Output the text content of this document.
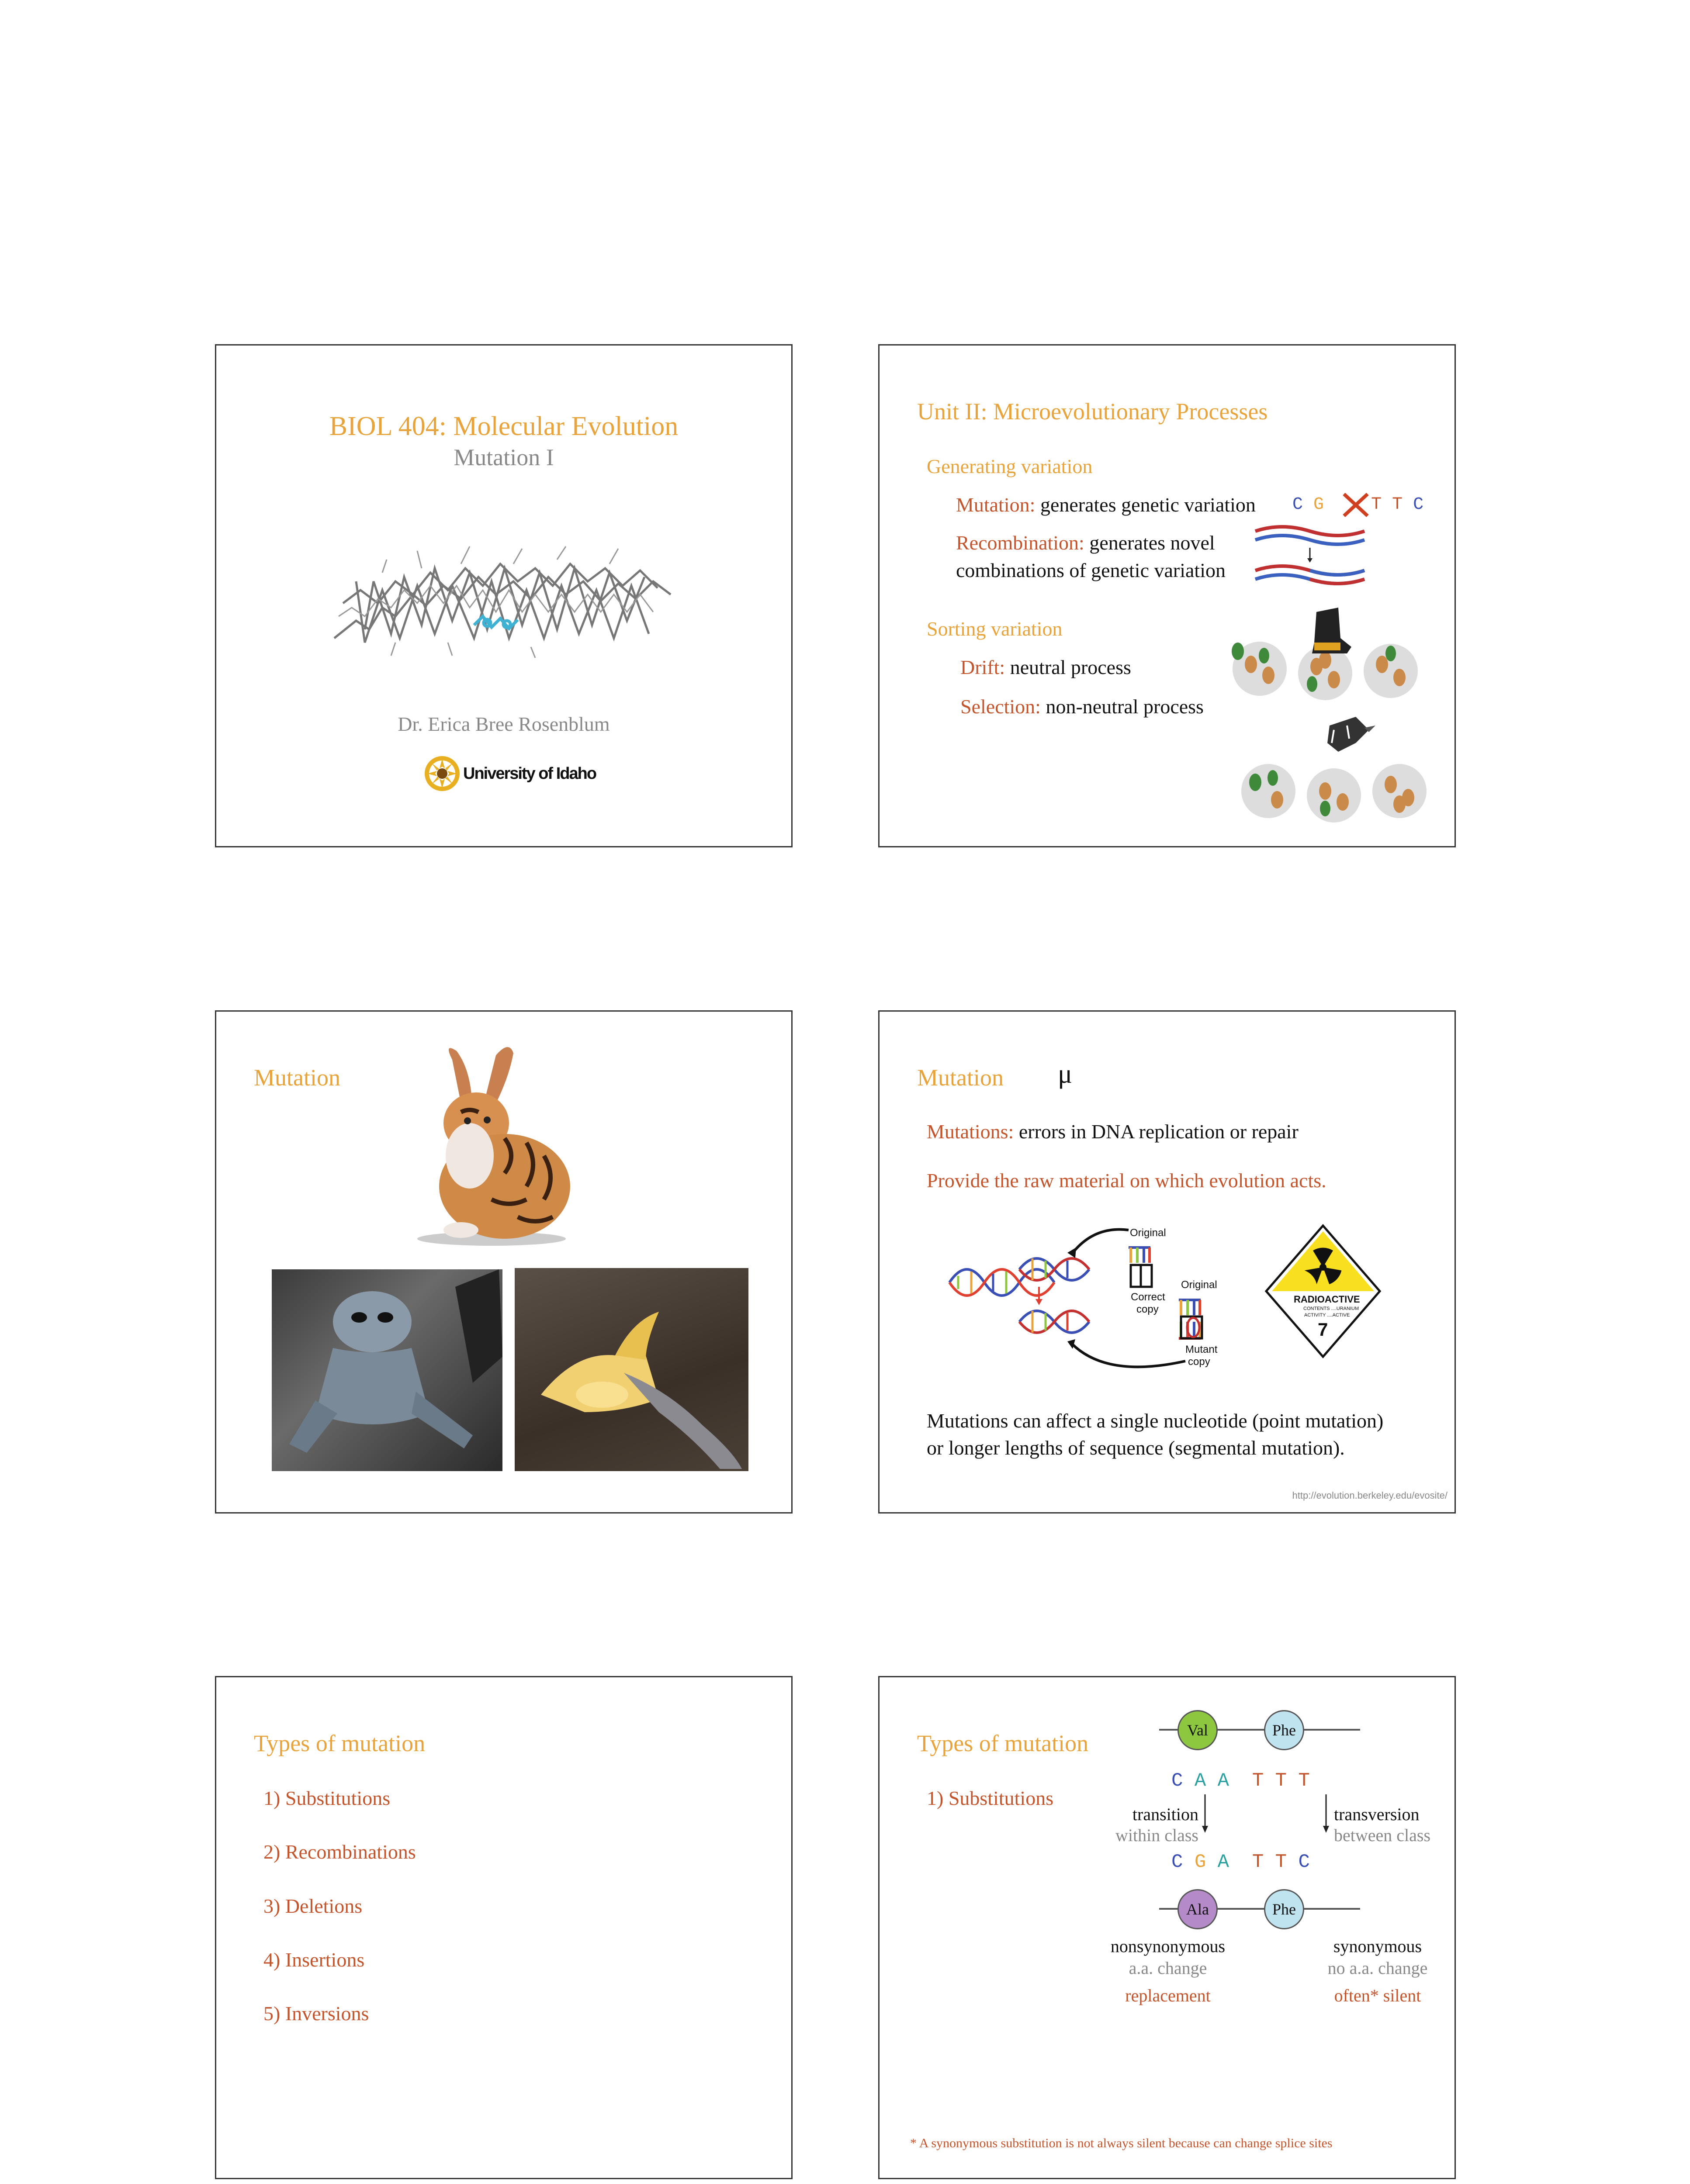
BIOL 404: Molecular Evolution
Mutation I
Dr. Erica Bree Rosenblum
University of Idaho
Unit II: Microevolutionary Processes
Generating variation
Mutation: generates genetic variation
Recombination: generates novel
combinations of genetic variation
Sorting variation
Drift: neutral process
Selection: non-neutral process
C G	T T C
Mutation	Mutation μ
Mutations: errors in DNA replication or repair
Provide the raw material on which evolution acts.
Original
Correct
copy
Original
Mutant
copy
RADIOACTIVE
CONTENTS ....URANIUM
ACTIVITY ....ACTIVE
7
Mutations can affect a single nucleotide (point mutation)
or longer lengths of sequence (segmental mutation).
http://evolution.berkeley.edu/evosite/
Types of mutation
1) Substitutions
2) Recombinations
3) Deletions
4) Insertions
5) Inversions
Types of mutation
1) Substitutions
Val	Phe
C A A T T T
transition
within class
transversion
between class
C G A T T C
Ala	Phe
nonsynonymous
a.a. change
replacement
synonymous
no a.a. change
often* silent
* A synonymous substitution is not always silent because can change splice sites
